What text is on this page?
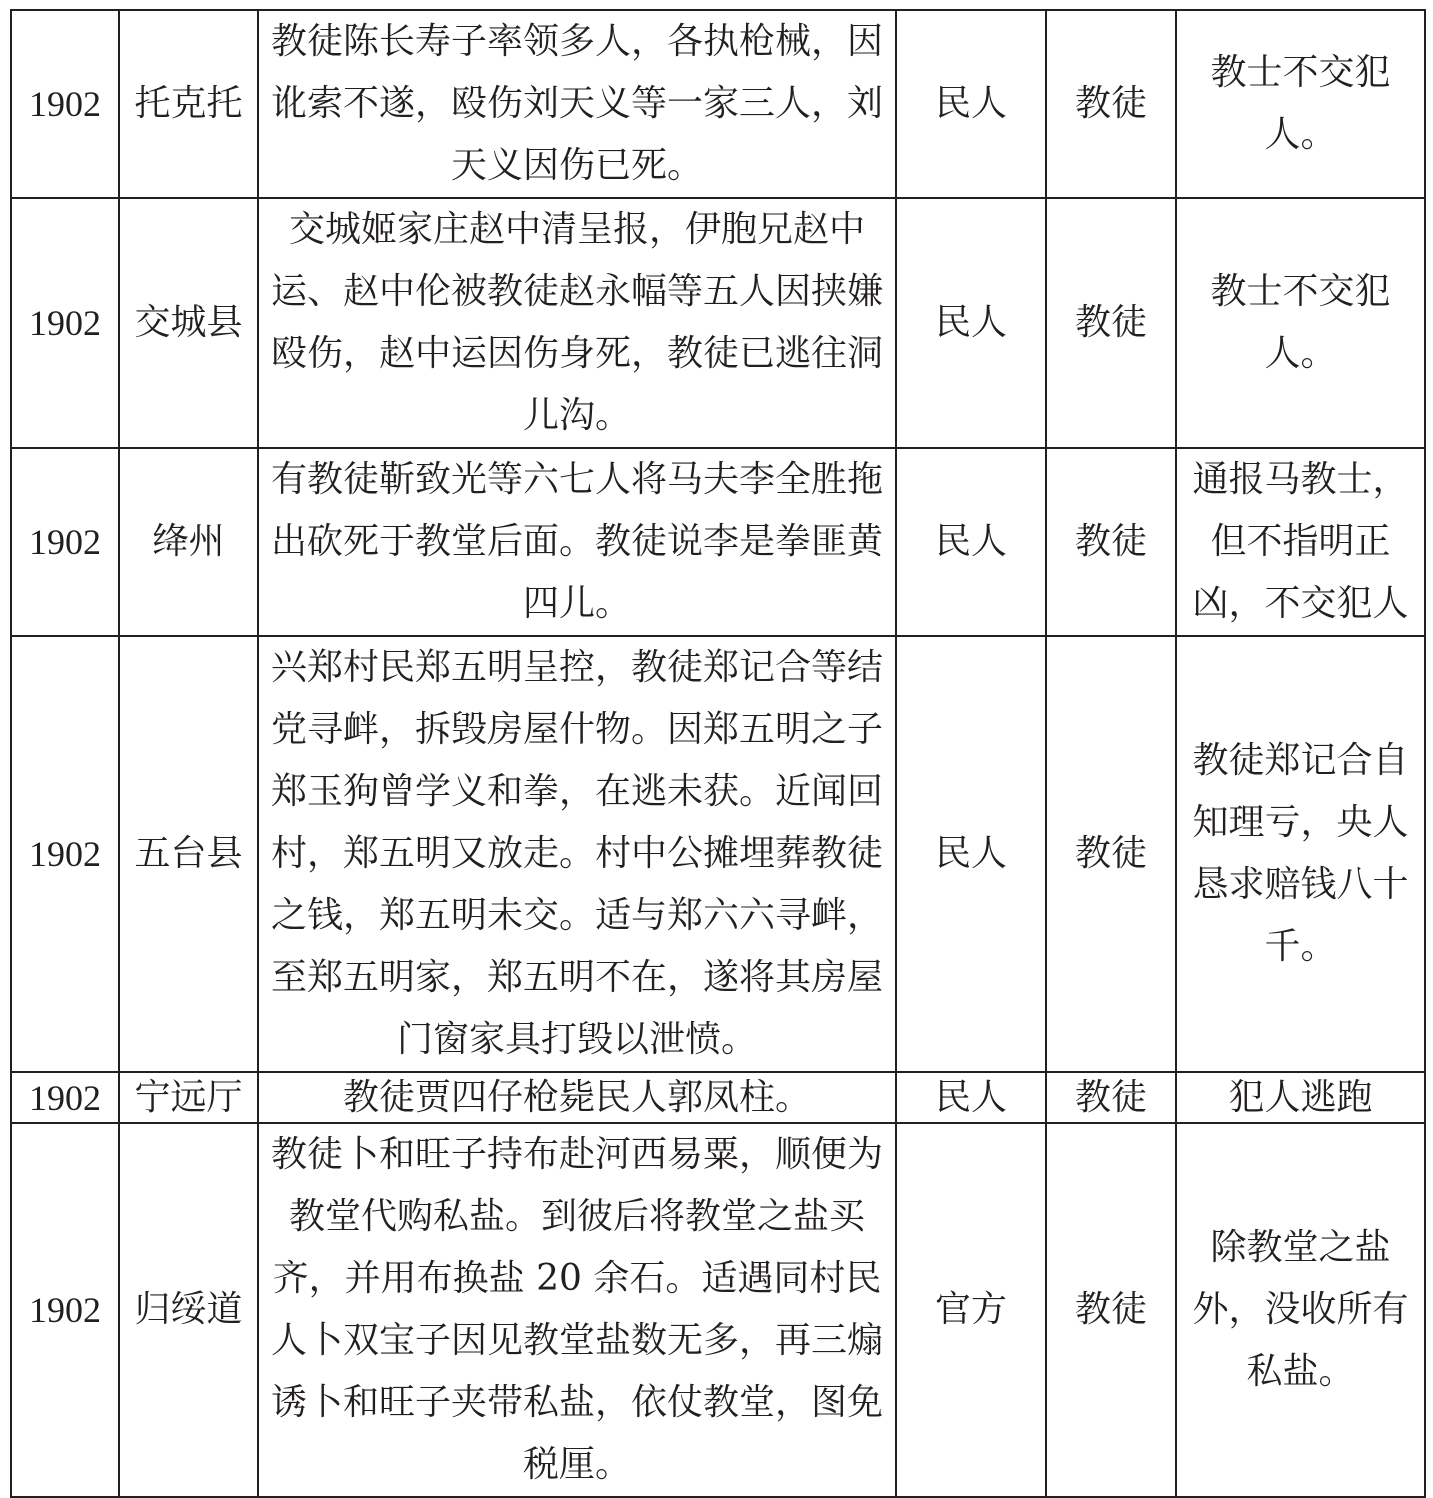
1902	托克托	教徒陈长寿子率领多人，各执枪械，因讹索不遂，殴伤刘天义等一家三人，刘天义因伤已死。	民人	教徒	教士不交犯人。
1902	交城县	交城姬家庄赵中清呈报，伊胞兄赵中运、赵中伦被教徒赵永幅等五人因挟嫌殴伤，赵中运因伤身死，教徒已逃往洞儿沟。	民人	教徒	教士不交犯人。
1902	绛州	有教徒靳致光等六七人将马夫李全胜拖出砍死于教堂后面。教徒说李是拳匪黄四儿。	民人	教徒	通报马教士，但不指明正凶，不交犯人
1902	五台县	兴郑村民郑五明呈控，教徒郑记合等结党寻衅，拆毁房屋什物。因郑五明之子郑玉狗曾学义和拳，在逃未获。近闻回村，郑五明又放走。村中公摊埋葬教徒之钱，郑五明未交。适与郑六六寻衅，至郑五明家，郑五明不在，遂将其房屋门窗家具打毁以泄愤。	民人	教徒	教徒郑记合自知理亏，央人恳求赔钱八十千。
1902	宁远厅	教徒贾四仔枪毙民人郭凤柱。	民人	教徒	犯人逃跑
1902	归绥道	教徒卜和旺子持布赴河西易粟，顺便为教堂代购私盐。到彼后将教堂之盐买齐，并用布换盐 20 余石。适遇同村民人卜双宝子因见教堂盐数无多，再三煽诱卜和旺子夹带私盐，依仗教堂，图免税厘。	官方	教徒	除教堂之盐外，没收所有私盐。
